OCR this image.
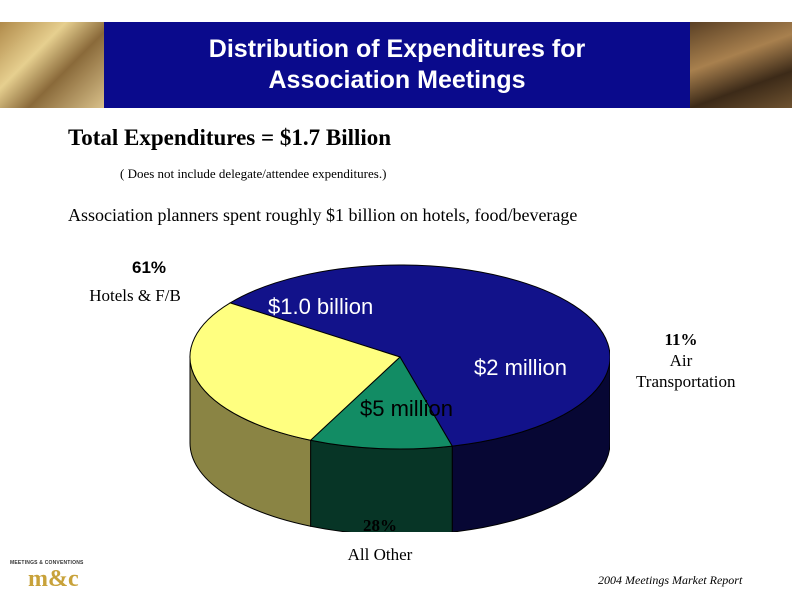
Distribution of Expenditures for
Association Meetings
Total Expenditures = $1.7 Billion
( Does not include delegate/attendee expenditures.)
Association planners spent roughly $1 billion on hotels, food/beverage
61%
Hotels & F/B
11%
Air Transportation
28%
All Other
$1.0 billion
$2 million
$5 million
MEETINGS & CONVENTIONS
m&c	2004 Meetings Market Report
